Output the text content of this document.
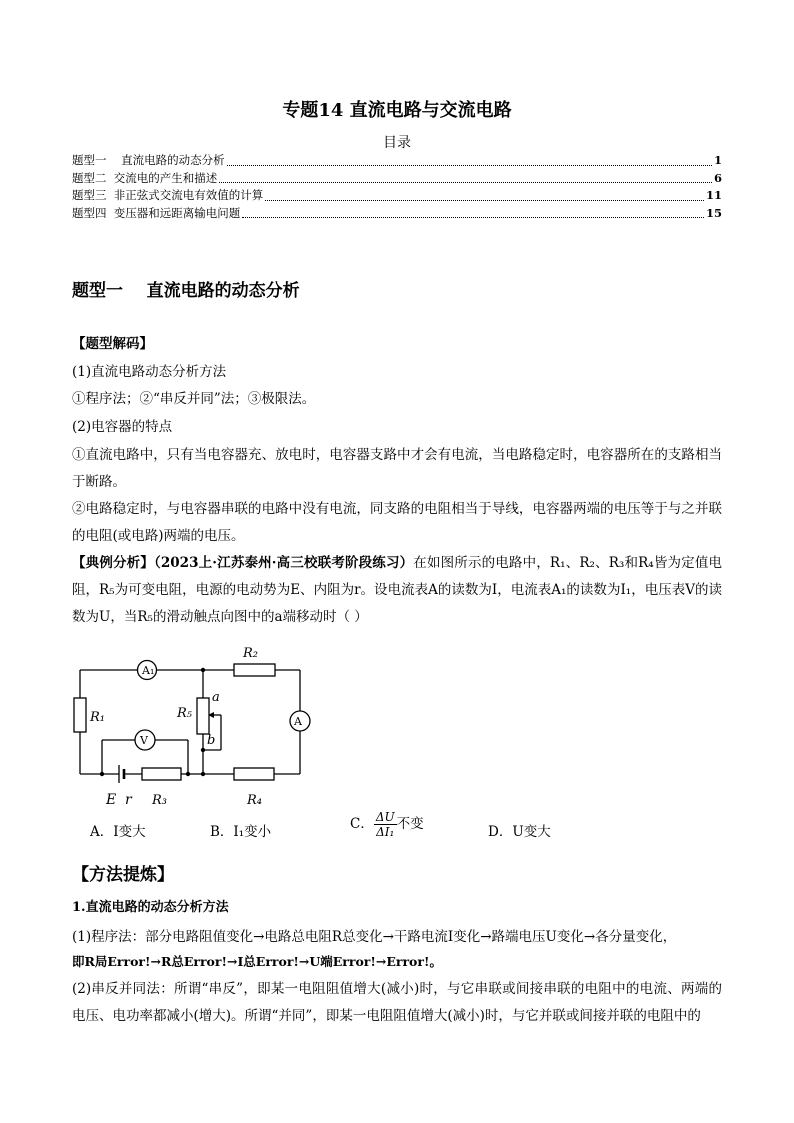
专题14 直流电路与交流电路
目录
题型一    直流电路的动态分析	1
题型二  交流电的产生和描述	6
题型三  非正弦式交流电有效值的计算	11
题型四  变压器和远距离输电问题	15
题型一    直流电路的动态分析
【题型解码】
(1)直流电路动态分析方法
①程序法；②“串反并同”法；③极限法。
(2)电容器的特点
①直流电路中，只有当电容器充、放电时，电容器支路中才会有电流，当电路稳定时，电容器所在的支路相当于断路。
②电路稳定时，与电容器串联的电路中没有电流，同支路的电阻相当于导线，电容器两端的电压等于与之并联的电阻(或电路)两端的电压。
【典例分析】（2023上·江苏泰州·高三校联考阶段练习）在如图所示的电路中，R₁、R₂、R₃和R₄皆为定值电阻，R₅为可变电阻，电源的电动势为E、内阻为r。设电流表A的读数为I，电流表A₁的读数为I₁，电压表V的读数为U，当R₅的滑动触点向图中的a端移动时（ ）
A₁
A
V
R₂
a
R₁	R₅
b
E r R₃	R₄
A．I变大	B．I₁变小	C． $\frac{\Delta U}{\text{ΔI₁}}$ 不变	D．U变大
【方法提炼】
1.直流电路的动态分析方法
(1)程序法：部分电路阻值变化→电路总电阻R总变化→干路电流I变化→路端电压U变化→各分量变化，
即R局Error!→R总Error!→I总Error!→U端Error!→Error!。
(2)串反并同法：所谓“串反”，即某一电阻阻值增大(减小)时，与它串联或间接串联的电阻中的电流、两端的电压、电功率都减小(增大)。所谓“并同”，即某一电阻阻值增大(减小)时，与它并联或间接并联的电阻中的
